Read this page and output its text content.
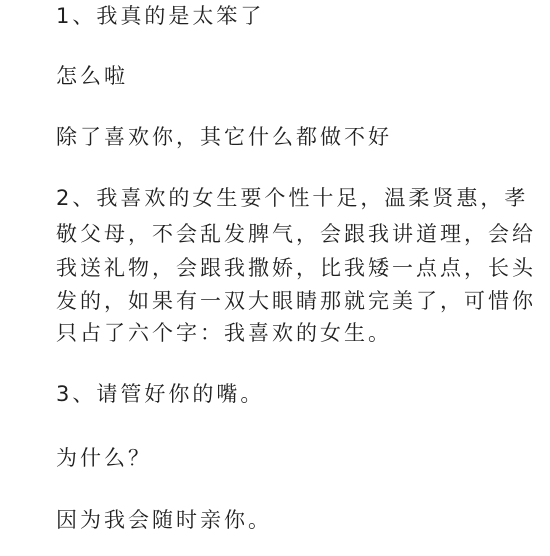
1、我真的是太笨了
怎么啦
除了喜欢你，其它什么都做不好
2、我喜欢的女生要个性十足，温柔贤惠，孝
敬父母，不会乱发脾气，会跟我讲道理，会给
我送礼物，会跟我撒娇，比我矮一点点，长头
发的，如果有一双大眼睛那就完美了，可惜你
只占了六个字：我喜欢的女生。
3、请管好你的嘴。
为什么？
因为我会随时亲你。
